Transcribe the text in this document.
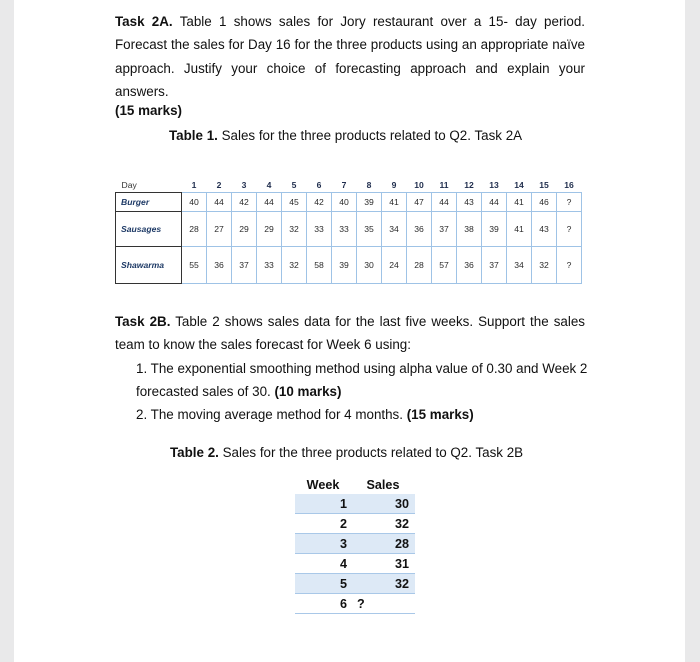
Task 2A. Table 1 shows sales for Jory restaurant over a 15- day period. Forecast the sales for Day 16 for the three products using an appropriate naïve approach. Justify your choice of forecasting approach and explain your answers.

(15 marks)

Table 1. Sales for the three products related to Q2. Task 2A

Day	1	2	3	4	5	6	7	8	9	10	11	12	13	14	15	16
Burger	40	44	42	44	45	42	40	39	41	47	44	43	44	41	46	?
Sausages	28	27	29	29	32	33	33	35	34	36	37	38	39	41	43	?
Shawarma	55	36	37	33	32	58	39	30	24	28	57	36	37	34	32	?

Task 2B. Table 2 shows sales data for the last five weeks. Support the sales team to know the sales forecast for Week 6 using:

1. The exponential smoothing method using alpha value of 0.30 and Week 2 forecasted sales of 30. (10 marks)

2. The moving average method for 4 months. (15 marks)

Table 2. Sales for the three products related to Q2. Task 2B

Week	Sales
1	30
2	32
3	28
4	31
5	32
6	?
